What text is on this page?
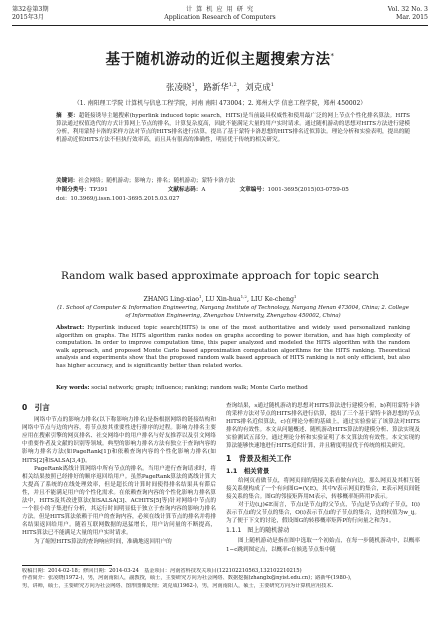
第32卷第3期
2015年3月
计 算 机 应 用 研 究
Application Research of Computers
Vol. 32 No. 3
Mar. 2015
基于随机游动的近似主题搜索方法*
张凌晓$^1$，路新华$^{1,2}$，刘克成$^1$
（1. 南阳理工学院 计算机与信息工程学院，河南 南阳 473004；2. 郑州大学 信息工程学院，郑州 450002）
摘　要：超链接诱导主题搜索(hyperlink induced topic search，HITS)是当前最具权威性和使用最广泛的网上节点个性化排名算法。HITS算法通过权值迭代的方式计算网上节点的排名，计算复杂度高，因此不能满足大量的用户实时请求。通过随机游动的思想对HITS方法进行建模分析，利用蒙特卡洛的采样方法对节点的HITS排名进行估算，提出了基于蒙特卡洛思想的HITS排名近似算法。理论分析和实验表明，提出的随机游动近似HITS方法不但执行效率高，而且具有很高的准确性，明显优于传统的相关研究。
关键词：社会网络；随机游动；影响力；排名；随机游动；蒙特卡洛方法
中图分类号：TP391	文献标志码：A	文章编号：1001-3695(2015)03-0759-05
doi：10.3969/j.issn.1001-3695.2015.03.027
Random walk based approximate approach for topic search
ZHANG Ling-xiao$^1$, LU Xin-hua$^{1,2}$, LIU Ke-cheng$^1$
(1. School of Computer & Information Engineering, Nanyang Institute of Technology, Nanyang Henan 473004, China; 2. College of Information Engineering, Zhengzhou University, Zhengzhou 450002, China)
Abstract: Hyperlink induced topic search(HITS) is one of the most authoritative and widely used personalized ranking algorithm on graphs. The HITS algorithm ranks nodes on graphs according to power iteration, and has high complexity of computation. In order to improve computation time, this paper analyzed and modeled the HITS algorithm with the random walk approach, and proposed Monte Carlo based approximation computation algorithms for the HITS ranking. Theoretical analysis and experiments show that the proposed random walk based approach of HITS ranking is not only efficient, but also has higher accuracy, and is significantly better than related works.
Key words: social network; graph; influence; ranking; random walk; Monte Carlo method
0　引言

网络中节点的影响力排名(以下称影响力排名)是指根据网络的链接结构和网络中节点与边的内容，将节点按其重要性进行排序的过程。影响力排名主要应用在搜索引擎的网页排名、社交网络中的用户排名与好友推荐以及引文网络中重要作者及文献的识别等领域。典型的影响力排名方法有独立于查询内容的影响力排名方法(如PageRank[1])和依赖查询内容的个性化影响力排名(如HITS[2]和SALSA[3,4])。

PageRank离线计算网络中所有节点的排名。当用户进行查询请求时，将相关结果按照已经排好的顺序返回给用户。虽然PageRank算法的离线计算大大提高了系统的在线处理效率，但是超长的计算时间使得排名结果具有滞后性，并且不能满足用户的个性化需求。在依赖查询内容的个性化影响力排名算法中，HITS及其改进算法(如SALSA[3]、ACHITS[5]等)针对网络中节点的一个很小的子集进行分析，其运行时间明显低于独立于查询内容的影响力排名方法。但是HITS算法依赖于用户的查询内容，必须在线计算节点的排名并将排名结果返回给用户。随着互联网数据的迅猛增长，用户访问量的不断提高，HITS算法已不能满足大量的用户实时请求。

为了缩短HITS算法的查询响应时间，准确地返回用户的

查询结果，s通过随机游动的思想对HITS算法进行建模分析，b)利用蒙特卡洛的采样方法对节点的HITS排名进行估算，提出了三个基于蒙特卡洛思想的节点HITS排名近似算法，c)在理论分析的基础上，通过实验验证了该算法对HITS排名的有效性。本文从问题概述、随机游动HITS算法的建模分析、算法实现及实验测试五部分，通过理论分析和实验证明了本文算法的有效性。本文实现的算法能够快速地进行HITS近似计算，并且精度明显优于传统的相关研究。

1　背景及相关工作
1.1　相关背景

给网页看做节点，将网页间的链接关系看做有向边，那么网页及其相互链接关系便构成了一个有向图G=(V,E)，其中V表示网页的集合，E表示网页间链接关系的集合。图G的邻接矩阵用M表示，转移概率矩阵用P表示。

对于边(i,j)∈E而言，节点i是节点j的父节点，节点j是节点i的子节点，I(i)表示节点i的父节点的集合，O(i)表示节点i的子节点的集合，边的权值为w_ij。为了便于下文的讨论，假设图G的转移概率矩阵P的行向量之和为1。

1.1.1　图上的随机游动

图上随机游动是指在图中选取一个初始点，在每一步随机游动中，以概率1−c跳到图定点，以概率c在候选节点集中随

收稿日期：2014-02-18；修回日期：2014-03-24　基金项目：河南省科技攻关项目(122102210563,132102210215)
作者简介：张凌晓(1972-)，男，河南南阳人，副教授，硕士，主要研究方向为社会网络、数据挖掘(zhanglx@nyist.edu.cn)；路新华(1980-)，
男，讲师，硕士，主要研究方向为社会网络、图形图像处理；刘克成(1962-)，男，河南南阳人，硕士，主要研究方向为计算机应用技术.
